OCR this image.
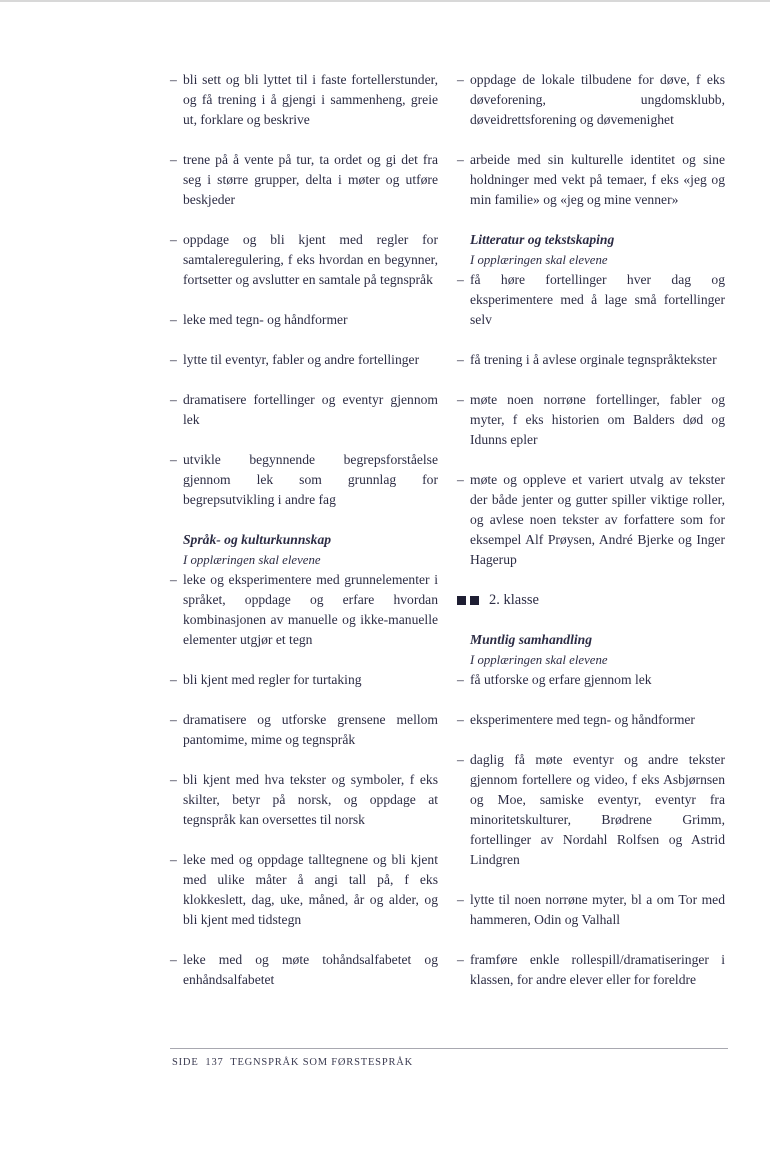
– bli sett og bli lyttet til i faste fortellerstunder, og få trening i å gjengi i sammenheng, greie ut, forklare og beskrive
– trene på å vente på tur, ta ordet og gi det fra seg i større grupper, delta i møter og utføre beskjeder
– oppdage og bli kjent med regler for samtaleregulering, f eks hvordan en begynner, fortsetter og avslutter en samtale på tegnspråk
– leke med tegn- og håndformer
– lytte til eventyr, fabler og andre fortellinger
– dramatisere fortellinger og eventyr gjennom lek
– utvikle begynnende begrepsforståelse gjennom lek som grunnlag for begrepsutvikling i andre fag
Språk- og kulturkunnskap
I opplæringen skal elevene
– leke og eksperimentere med grunnelementer i språket, oppdage og erfare hvordan kombinasjonen av manuelle og ikke-manuelle elementer utgjør et tegn
– bli kjent med regler for turtaking
– dramatisere og utforske grensene mellom pantomime, mime og tegnspråk
– bli kjent med hva tekster og symboler, f eks skilter, betyr på norsk, og oppdage at tegnspråk kan oversettes til norsk
– leke med og oppdage talltegnene og bli kjent med ulike måter å angi tall på, f eks klokkeslett, dag, uke, måned, år og alder, og bli kjent med tidstegn
– leke med og møte tohåndsalfabetet og enhåndsalfabetet
– oppdage de lokale tilbudene for døve, f eks døveforening, ungdomsklubb, døveidrettsforening og døvemenighet
– arbeide med sin kulturelle identitet og sine holdninger med vekt på temaer, f eks «jeg og min familie» og «jeg og mine venner»
Litteratur og tekstskaping
I opplæringen skal elevene
– få høre fortellinger hver dag og eksperimentere med å lage små fortellinger selv
– få trening i å avlese orginale tegnspråktekster
– møte noen norrøne fortellinger, fabler og myter, f eks historien om Balders død og Idunns epler
– møte og oppleve et variert utvalg av tekster der både jenter og gutter spiller viktige roller, og avlese noen tekster av forfattere som for eksempel Alf Prøysen, André Bjerke og Inger Hagerup
2. klasse
Muntlig samhandling
I opplæringen skal elevene
– få utforske og erfare gjennom lek
– eksperimentere med tegn- og håndformer
– daglig få møte eventyr og andre tekster gjennom fortellere og video, f eks Asbjørnsen og Moe, samiske eventyr, eventyr fra minoritetskulturer, Brødrene Grimm, fortellinger av Nordahl Rolfsen og Astrid Lindgren
– lytte til noen norrøne myter, bl a om Tor med hammeren, Odin og Valhall
– framføre enkle rollespill/dramatiseringer i klassen, for andre elever eller for foreldre
SIDE 137 TEGNSPRÅK SOM FØRSTESPRÅK
